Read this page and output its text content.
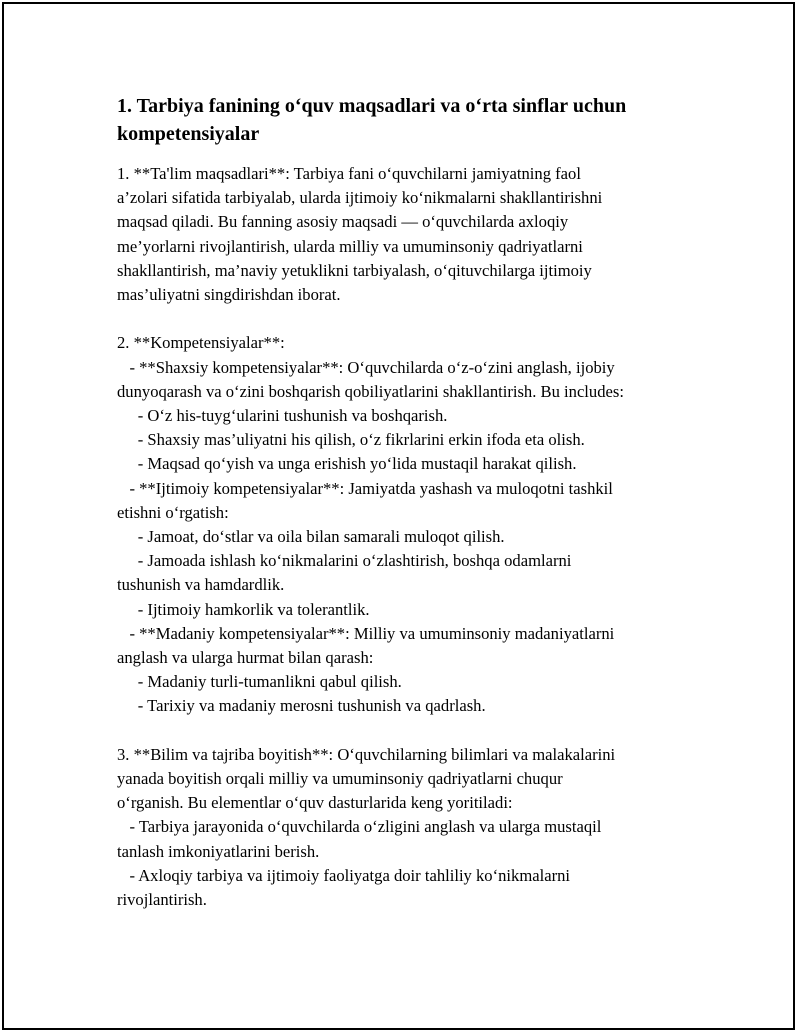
1. Tarbiya fanining o‘quv maqsadlari va o‘rta sinflar uchun
kompetensiyalar
1. **Ta'lim maqsadlari**: Tarbiya fani o‘quvchilarni jamiyatning faol
a’zolari sifatida tarbiyalab, ularda ijtimoiy ko‘nikmalarni shakllantirishni
maqsad qiladi. Bu fanning asosiy maqsadi — o‘quvchilarda axloqiy
me’yorlarni rivojlantirish, ularda milliy va umuminsoniy qadriyatlarni
shakllantirish, ma’naviy yetuklikni tarbiyalash, o‘qituvchilarga ijtimoiy
mas’uliyatni singdirishdan iborat.
2. **Kompetensiyalar**:
- **Shaxsiy kompetensiyalar**: O‘quvchilarda o‘z-o‘zini anglash, ijobiy
dunyoqarash va o‘zini boshqarish qobiliyatlarini shakllantirish. Bu includes:
- O‘z his-tuyg‘ularini tushunish va boshqarish.
- Shaxsiy mas’uliyatni his qilish, o‘z fikrlarini erkin ifoda eta olish.
- Maqsad qo‘yish va unga erishish yo‘lida mustaqil harakat qilish.
- **Ijtimoiy kompetensiyalar**: Jamiyatda yashash va muloqotni tashkil
etishni o‘rgatish:
- Jamoat, do‘stlar va oila bilan samarali muloqot qilish.
- Jamoada ishlash ko‘nikmalarini o‘zlashtirish, boshqa odamlarni
tushunish va hamdardlik.
- Ijtimoiy hamkorlik va tolerantlik.
- **Madaniy kompetensiyalar**: Milliy va umuminsoniy madaniyatlarni
anglash va ularga hurmat bilan qarash:
- Madaniy turli-tumanlikni qabul qilish.
- Tarixiy va madaniy merosni tushunish va qadrlash.
3. **Bilim va tajriba boyitish**: O‘quvchilarning bilimlari va malakalarini
yanada boyitish orqali milliy va umuminsoniy qadriyatlarni chuqur
o‘rganish. Bu elementlar o‘quv dasturlarida keng yoritiladi:
- Tarbiya jarayonida o‘quvchilarda o‘zligini anglash va ularga mustaqil
tanlash imkoniyatlarini berish.
- Axloqiy tarbiya va ijtimoiy faoliyatga doir tahliliy ko‘nikmalarni
rivojlantirish.
